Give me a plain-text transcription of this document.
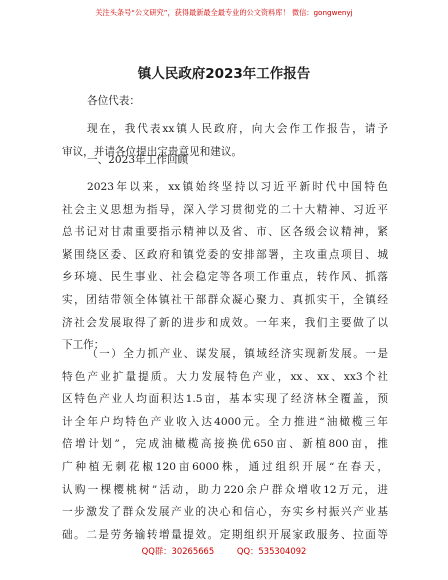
关注头条号“公文研究”，获得最新最全最专业的公文资料库！ 微信：gongwenyj
镇人民政府2023年工作报告
各位代表：
现在，我代表xx镇人民政府，向大会作工作报告，请予
审议，并请各位提出宝贵意见和建议。
一、2023年工作回顾
2023年以来，xx镇始终坚持以习近平新时代中国特色
社会主义思想为指导，深入学习贯彻党的二十大精神、习近平
总书记对甘肃重要指示精神以及省、市、区各级会议精神，紧
紧围绕区委、区政府和镇党委的安排部署，主攻重点项目、城
乡环境、民生事业、社会稳定等各项工作重点，转作风、抓落
实，团结带领全体镇社干部群众凝心聚力、真抓实干，全镇经
济社会发展取得了新的进步和成效。一年来，我们主要做了以
下工作：
（一）全力抓产业、谋发展，镇域经济实现新发展。一是
特色产业扩量提质。大力发展特色产业，xx、xx、xx3个社
区特色产业人均面积达1.5亩，基本实现了经济林全覆盖，预
计全年户均特色产业收入达4000元。全力推进“油橄榄三年
倍增计划”，完成油橄榄高接换优650亩、新植800亩，推
广种植无刺花椒120亩6000株，通过组织开展“在春天，
认购一棵樱桃树”活动，助力220余户群众增收12万元，进
一步激发了群众发展产业的决心和信心，夯实乡村振兴产业基
础。二是劳务输转增量提效。定期组织开展家政服务、拉面等
QQ群：30265665	QQ：535304092
